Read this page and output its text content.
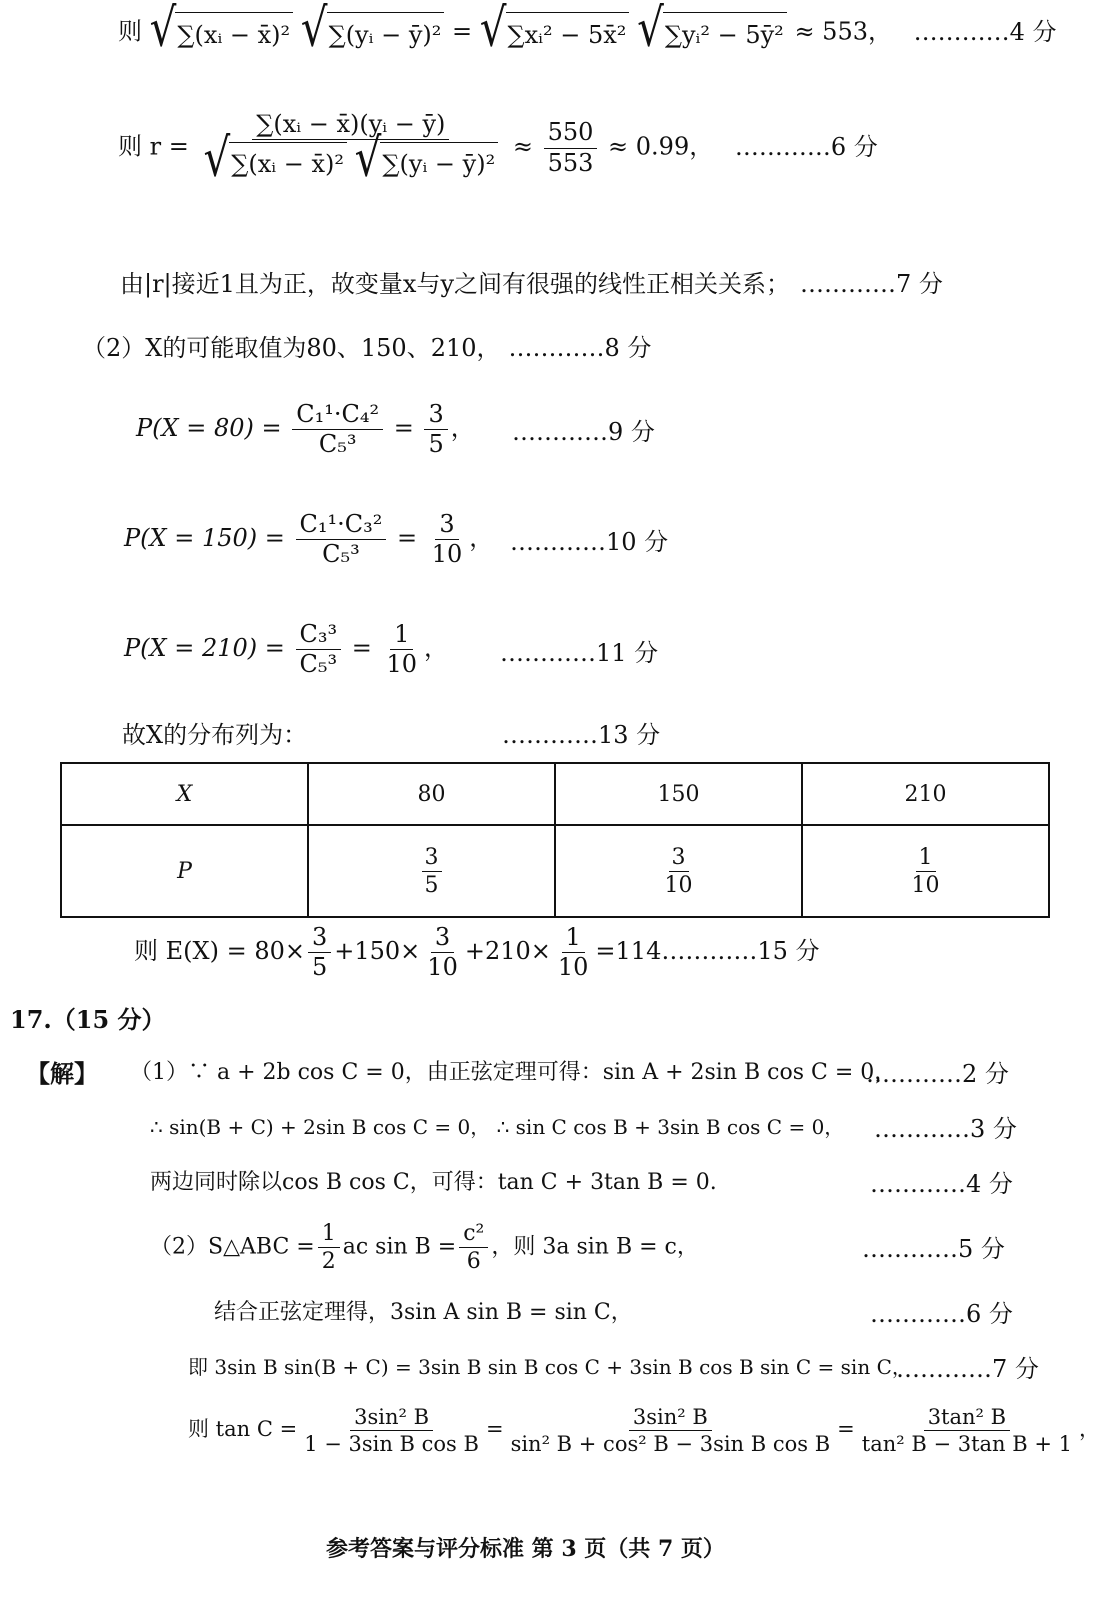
则 √ ∑(xᵢ − x̄)²
√ ∑(yᵢ − ȳ)² = √ ∑xᵢ² − 5x̄²
√ ∑yᵢ² − 5ȳ² ≈ 553， …………4 分
则 r = ∑(xᵢ − x̄)(yᵢ − ȳ)
√ ∑(xᵢ − x̄)²
√ ∑(yᵢ − ȳ)² ≈ $\frac{550}{553} \approx 0.99$， …………6 分
由|r|接近1且为正，故变量x与y之间有很强的线性正相关关系； …………7 分
（2）X的可能取值为80、150、210， …………8 分
$P(X = 80) = \frac{\text{C₁¹·C₄²}}{\text{C₅³}} = \frac{3}{5}$ ， …………9 分
$P(X = 150) = \frac{\text{C₁¹·C₃²}}{\text{C₅³}} = \frac{3}{10}$ ， …………10 分
$P(X = 210) = \frac{\text{C₃³}}{\text{C₅³}} = \frac{1}{10}$ ， …………11 分
故X的分布列为：	…………13 分
X	80	150	210
P	$\frac{3}{5}$	$\frac{3}{10}$	$\frac{1}{10}$
则 $E(X) = 80\times \frac{3}{5} +150\times \frac{3}{10} +210\times \frac{1}{10}$ =114…………15 分
17.（15 分）
【解】 （1）∵ a + 2b cos C = 0，由正弦定理可得：sin A + 2sin B cos C = 0，
…………2 分
∴ sin(B + C) + 2sin B cos C = 0， ∴ sin C cos B + 3sin B cos C = 0， …………3 分
两边同时除以cos B cos C，可得：tan C + 3tan B = 0.	…………4 分
（2）S△ABC = $\frac{1}{2}$ ac $\sin B = \frac{\text{c²}}{6}$ ，则 3a sin B = c，	…………5 分
结合正弦定理得，3sin A sin B = sin C，	…………6 分
即 3sin B sin(B + C) = 3sin B sin B cos C + 3sin B cos B sin C = sin C，
…………7 分
则 $\tan C = \frac{\text{3sin² B}}{\text{1 − 3sin B cos B}} = \frac{\text{3sin² B}}{\text{sin² B + cos² B − 3sin B cos B}} = \frac{\text{3tan² B}}{\text{tan² B − 3tan B + 1}}$ ，
参考答案与评分标准 第 3 页（共 7 页）
